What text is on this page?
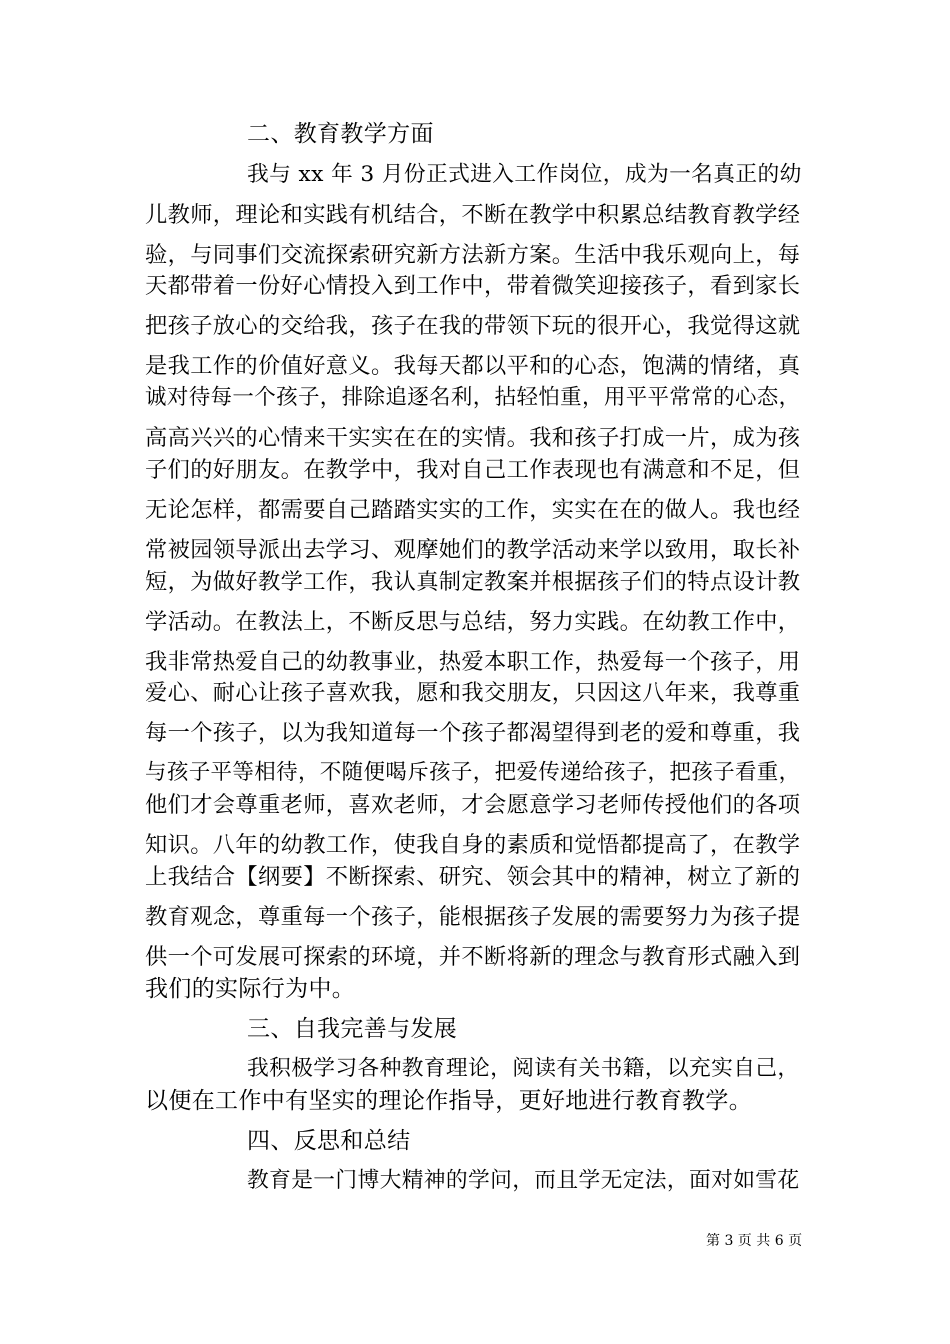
二、教育教学方面
我与 xx 年 3 月份正式进入工作岗位，成为一名真正的幼
儿教师，理论和实践有机结合，不断在教学中积累总结教育教学经
验，与同事们交流探索研究新方法新方案。生活中我乐观向上，每
天都带着一份好心情投入到工作中，带着微笑迎接孩子，看到家长
把孩子放心的交给我，孩子在我的带领下玩的很开心，我觉得这就
是我工作的价值好意义。我每天都以平和的心态，饱满的情绪，真
诚对待每一个孩子，排除追逐名利，拈轻怕重，用平平常常的心态，
高高兴兴的心情来干实实在在的实情。我和孩子打成一片，成为孩
子们的好朋友。在教学中，我对自己工作表现也有满意和不足，但
无论怎样，都需要自己踏踏实实的工作，实实在在的做人。我也经
常被园领导派出去学习、观摩她们的教学活动来学以致用，取长补
短，为做好教学工作，我认真制定教案并根据孩子们的特点设计教
学活动。在教法上，不断反思与总结，努力实践。在幼教工作中，
我非常热爱自己的幼教事业，热爱本职工作，热爱每一个孩子，用
爱心、耐心让孩子喜欢我，愿和我交朋友，只因这八年来，我尊重
每一个孩子，以为我知道每一个孩子都渴望得到老的爱和尊重，我
与孩子平等相待，不随便喝斥孩子，把爱传递给孩子，把孩子看重，
他们才会尊重老师，喜欢老师，才会愿意学习老师传授他们的各项
知识。八年的幼教工作，使我自身的素质和觉悟都提高了，在教学
上我结合【纲要】不断探索、研究、领会其中的精神，树立了新的
教育观念，尊重每一个孩子，能根据孩子发展的需要努力为孩子提
供一个可发展可探索的环境，并不断将新的理念与教育形式融入到
我们的实际行为中。
三、自我完善与发展
我积极学习各种教育理论，阅读有关书籍，以充实自己，
以便在工作中有坚实的理论作指导，更好地进行教育教学。
四、反思和总结
教育是一门博大精神的学问，而且学无定法，面对如雪花
第 3 页 共 6 页
